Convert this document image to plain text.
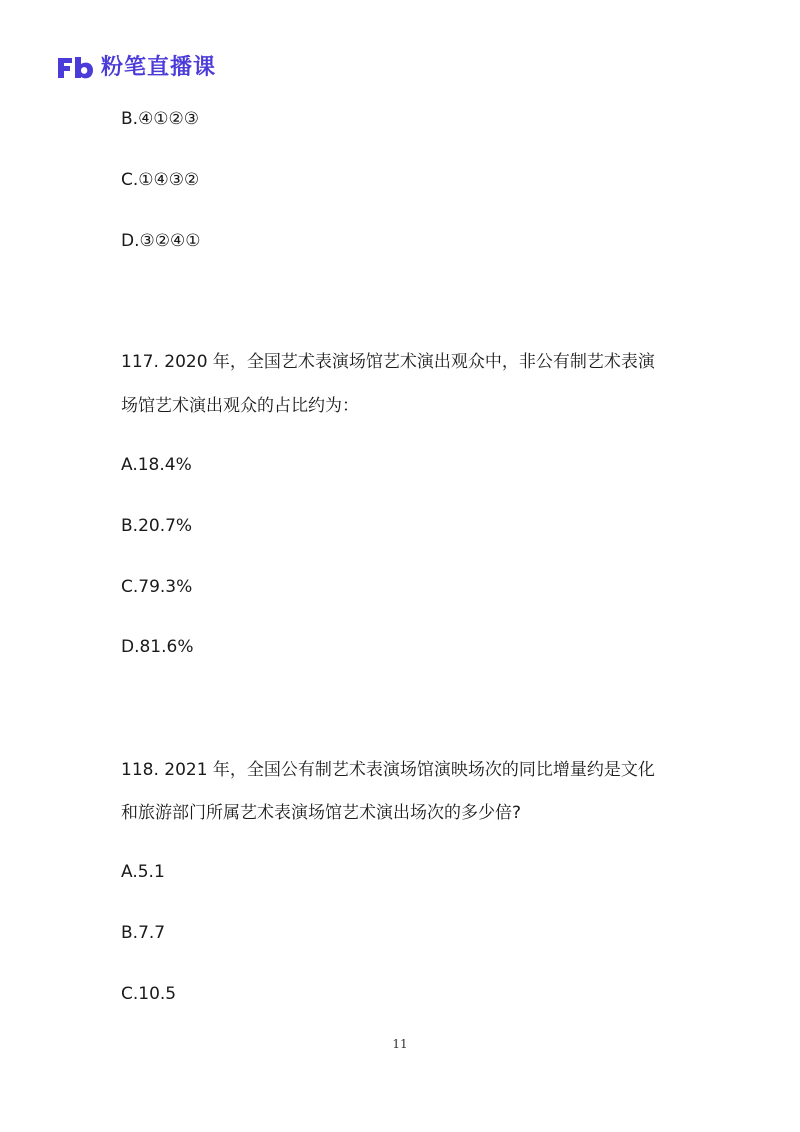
粉笔直播课
B.④①②③
C.①④③②
D.③②④①
117. 2020 年，全国艺术表演场馆艺术演出观众中，非公有制艺术表演
场馆艺术演出观众的占比约为：
A.18.4%
B.20.7%
C.79.3%
D.81.6%
118. 2021 年，全国公有制艺术表演场馆演映场次的同比增量约是文化
和旅游部门所属艺术表演场馆艺术演出场次的多少倍?
A.5.1
B.7.7
C.10.5
11
